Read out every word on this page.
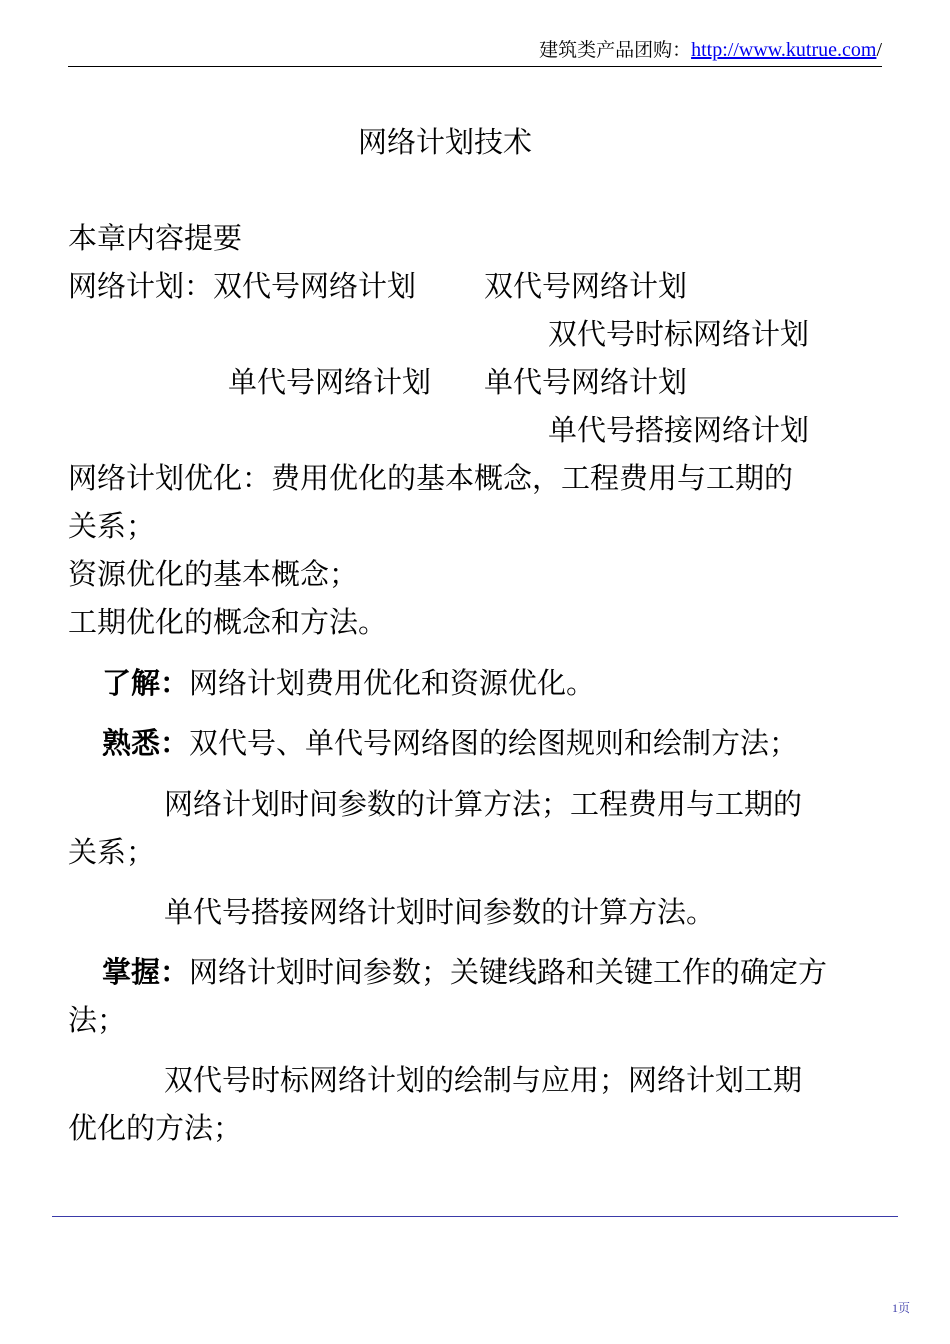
建筑类产品团购：http://www.kutrue.com/
网络计划技术
本章内容提要
网络计划：双代号网络计划 双代号网络计划
双代号时标网络计划
单代号网络计划 单代号网络计划
单代号搭接网络计划
网络计划优化：费用优化的基本概念，工程费用与工期的
关系；
资源优化的基本概念；
工期优化的概念和方法。
了解：网络计划费用优化和资源优化。
熟悉：双代号、单代号网络图的绘图规则和绘制方法；
网络计划时间参数的计算方法；工程费用与工期的
关系；
单代号搭接网络计划时间参数的计算方法。
掌握：网络计划时间参数；关键线路和关键工作的确定方
法；
双代号时标网络计划的绘制与应用；网络计划工期
优化的方法；
1页
